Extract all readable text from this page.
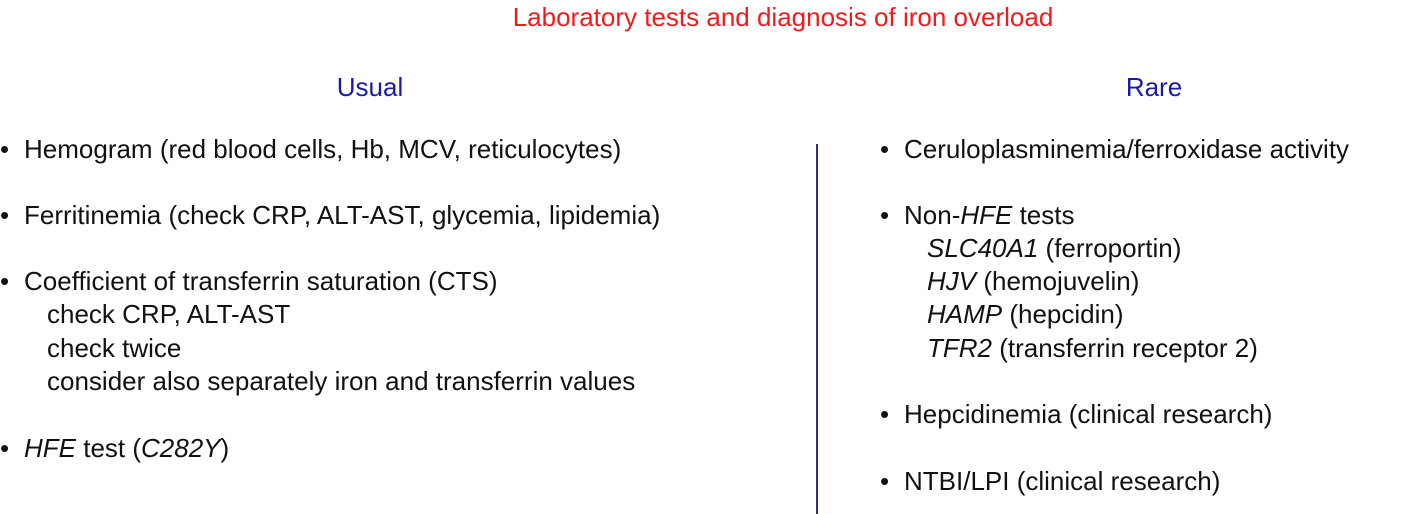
Laboratory tests and diagnosis of iron overload
Usual	Rare
• Hemogram (red blood cells, Hb, MCV, reticulocytes)
• Ferritinemia (check CRP, ALT-AST, glycemia, lipidemia)
• Coefficient of transferrin saturation (CTS)
check CRP, ALT-AST
check twice
consider also separately iron and transferrin values
• HFE test (C282Y)
• Ceruloplasminemia/ferroxidase activity
• Non-HFE tests
SLC40A1 (ferroportin)
HJV (hemojuvelin)
HAMP (hepcidin)
TFR2 (transferrin receptor 2)
• Hepcidinemia (clinical research)
• NTBI/LPI (clinical research)
